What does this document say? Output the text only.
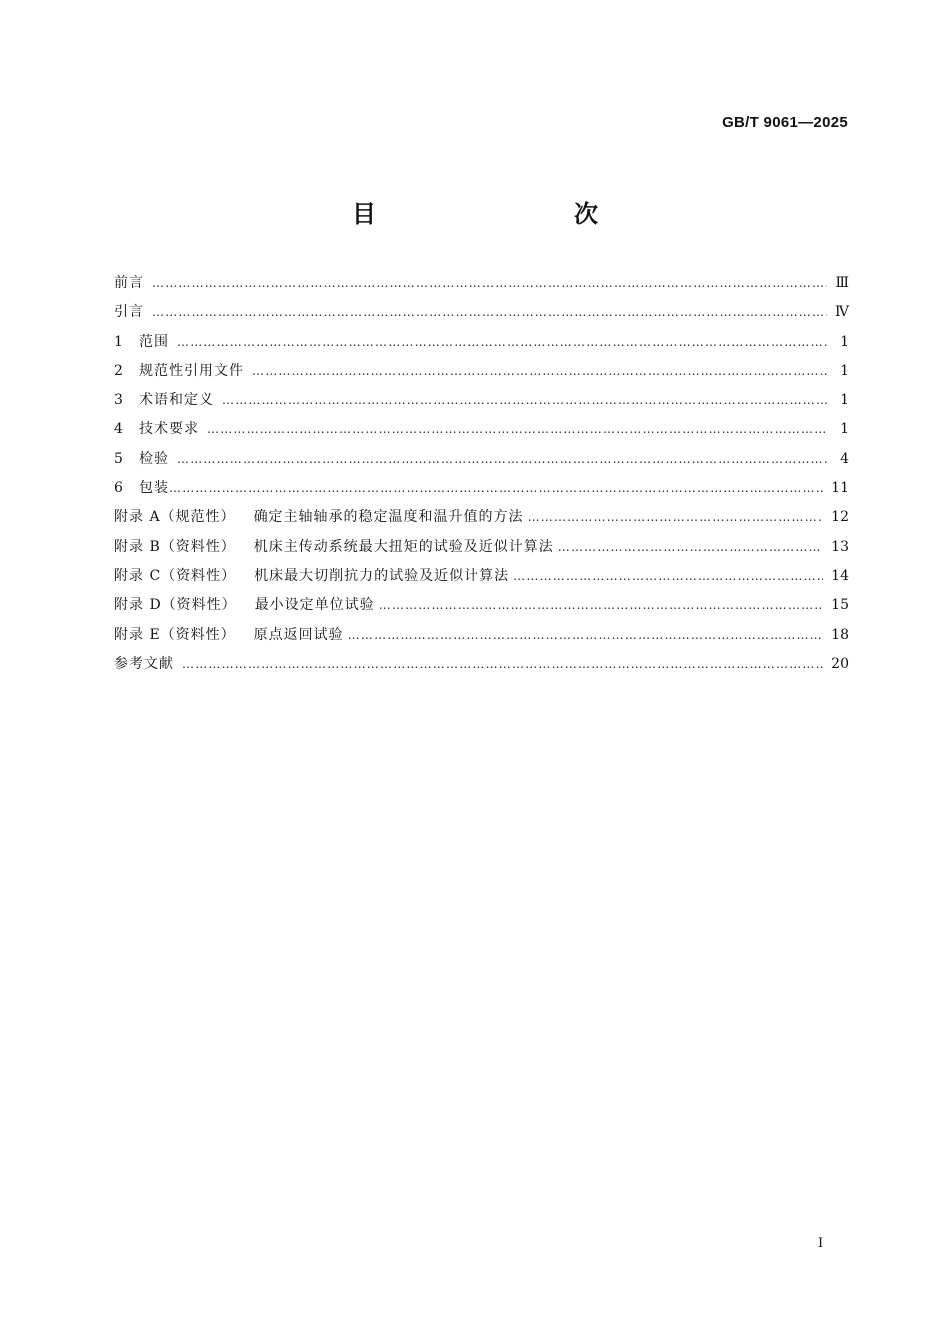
GB/T 9061—2025
目　　次
前言 ………………………………………………………………………………………………………………………………………………………………………………………………………………	Ⅲ
引言 ………………………………………………………………………………………………………………………………………………………………………………………………………………	Ⅳ
1	范围 ………………………………………………………………………………………………………………………………………………………………………………………………………………	1
2	规范性引用文件 ………………………………………………………………………………………………………………………………………………………………………………………………………………	1
3	术语和定义 ………………………………………………………………………………………………………………………………………………………………………………………………………………	1
4	技术要求 ………………………………………………………………………………………………………………………………………………………………………………………………………………	1
5	检验 ………………………………………………………………………………………………………………………………………………………………………………………………………………	4
6	包装 ………………………………………………………………………………………………………………………………………………………………………………………………………………	11
附录 A（规范性）	确定主轴轴承的稳定温度和温升值的方法 ………………………………………………………………………………………………………………………………………………………………………………………………………………	12
附录 B（资料性）	机床主传动系统最大扭矩的试验及近似计算法 ………………………………………………………………………………………………………………………………………………………………………………………………………………	13
附录 C（资料性）	机床最大切削抗力的试验及近似计算法 ………………………………………………………………………………………………………………………………………………………………………………………………………………	14
附录 D（资料性）	最小设定单位试验 ………………………………………………………………………………………………………………………………………………………………………………………………………………	15
附录 E（资料性）	原点返回试验 ………………………………………………………………………………………………………………………………………………………………………………………………………………	18
参考文献 ………………………………………………………………………………………………………………………………………………………………………………………………………………	20
Ⅰ
